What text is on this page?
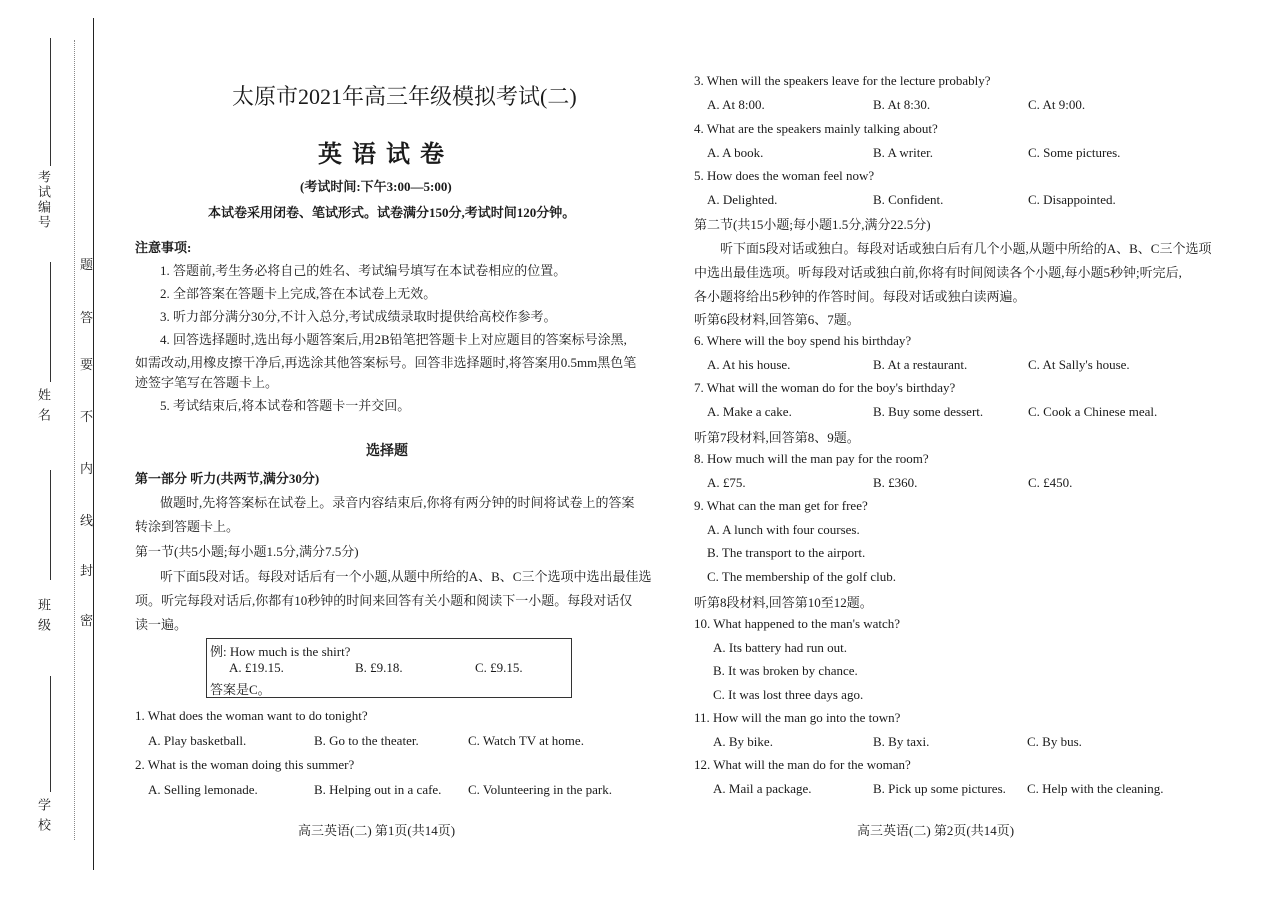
考试编号
姓 名
班 级
学 校
题
答
要
不
内
线
封
密
太原市2021年高三年级模拟考试(二)
英语试卷
(考试时间:下午3:00—5:00)
本试卷采用闭卷、笔试形式。试卷满分150分,考试时间120分钟。
注意事项:
1. 答题前,考生务必将自己的姓名、考试编号填写在本试卷相应的位置。
2. 全部答案在答题卡上完成,答在本试卷上无效。
3. 听力部分满分30分,不计入总分,考试成绩录取时提供给高校作参考。
4. 回答选择题时,选出每小题答案后,用2B铅笔把答题卡上对应题目的答案标号涂黑,
如需改动,用橡皮擦干净后,再选涂其他答案标号。回答非选择题时,将答案用0.5mm黑色笔
迹签字笔写在答题卡上。
5. 考试结束后,将本试卷和答题卡一并交回。
选择题
第一部分 听力(共两节,满分30分)
做题时,先将答案标在试卷上。录音内容结束后,你将有两分钟的时间将试卷上的答案
转涂到答题卡上。
第一节(共5小题;每小题1.5分,满分7.5分)
听下面5段对话。每段对话后有一个小题,从题中所给的A、B、C三个选项中选出最佳选
项。听完每段对话后,你都有10秒钟的时间来回答有关小题和阅读下一小题。每段对话仅
读一遍。
例: How much is the shirt?
A. £19.15.	B. £9.18.	C. £9.15.
答案是C。
1. What does the woman want to do tonight?
A. Play basketball.	B. Go to the theater.	C. Watch TV at home.
2. What is the woman doing this summer?
A. Selling lemonade.	B. Helping out in a cafe. C. Volunteering in the park.
高三英语(二) 第1页(共14页)
3. When will the speakers leave for the lecture probably?
A. At 8:00.	B. At 8:30.	C. At 9:00.
4. What are the speakers mainly talking about?
A. A book.	B. A writer.	C. Some pictures.
5. How does the woman feel now?
A. Delighted.	B. Confident.	C. Disappointed.
第二节(共15小题;每小题1.5分,满分22.5分)
听下面5段对话或独白。每段对话或独白后有几个小题,从题中所给的A、B、C三个选项
中选出最佳选项。听每段对话或独白前,你将有时间阅读各个小题,每小题5秒钟;听完后,
各小题将给出5秒钟的作答时间。每段对话或独白读两遍。
听第6段材料,回答第6、7题。
6. Where will the boy spend his birthday?
A. At his house.	B. At a restaurant.	C. At Sally's house.
7. What will the woman do for the boy's birthday?
A. Make a cake.	B. Buy some dessert.	C. Cook a Chinese meal.
听第7段材料,回答第8、9题。
8. How much will the man pay for the room?
A. £75.	B. £360.	C. £450.
9. What can the man get for free?
A. A lunch with four courses.
B. The transport to the airport.
C. The membership of the golf club.
听第8段材料,回答第10至12题。
10. What happened to the man's watch?
A. Its battery had run out.
B. It was broken by chance.
C. It was lost three days ago.
11. How will the man go into the town?
A. By bike.	B. By taxi.	C. By bus.
12. What will the man do for the woman?
A. Mail a package.	B. Pick up some pictures. C. Help with the cleaning.
高三英语(二) 第2页(共14页)
